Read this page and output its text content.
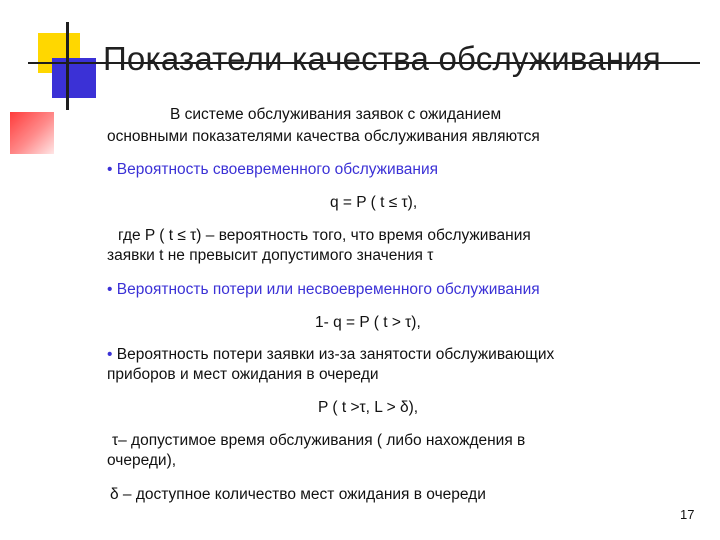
Показатели качества обслуживания
В системе обслуживания заявок с ожиданием
основными показателями качества обслуживания являются
• Вероятность своевременного обслуживания
q = P ( t ≤ τ),
где P ( t ≤ τ) – вероятность того, что время обслуживания
заявки t не превысит допустимого значения τ
• Вероятность потери или несвоевременного обслуживания
1- q = P ( t > τ),
• Вероятность потери заявки из-за занятости обслуживающих
приборов и мест ожидания в очереди
P ( t >τ, L > δ),
τ– допустимое время обслуживания ( либо нахождения в
очереди),
δ – доступное количество мест ожидания в очереди
17
